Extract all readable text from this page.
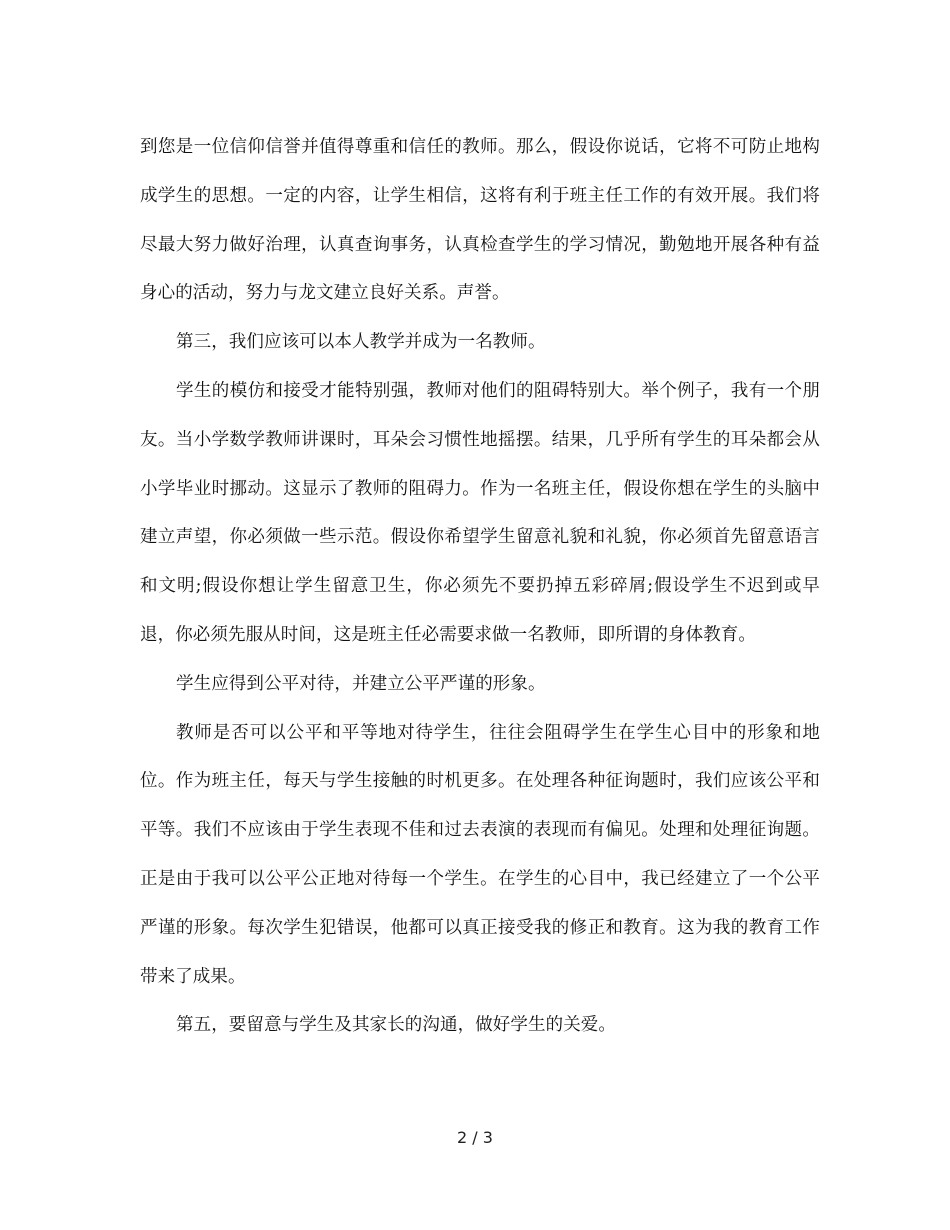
到您是一位信仰信誉并值得尊重和信任的教师。那么，假设你说话，它将不可防止地构成学生的思想。一定的内容，让学生相信，这将有利于班主任工作的有效开展。我们将尽最大努力做好治理，认真查询事务，认真检查学生的学习情况，勤勉地开展各种有益身心的活动，努力与龙文建立良好关系。声誉。

第三，我们应该可以本人教学并成为一名教师。

学生的模仿和接受才能特别强，教师对他们的阻碍特别大。举个例子，我有一个朋友。当小学数学教师讲课时，耳朵会习惯性地摇摆。结果，几乎所有学生的耳朵都会从小学毕业时挪动。这显示了教师的阻碍力。作为一名班主任，假设你想在学生的头脑中建立声望，你必须做一些示范。假设你希望学生留意礼貌和礼貌，你必须首先留意语言和文明;假设你想让学生留意卫生，你必须先不要扔掉五彩碎屑;假设学生不迟到或早退，你必须先服从时间，这是班主任必需要求做一名教师，即所谓的身体教育。

学生应得到公平对待，并建立公平严谨的形象。

教师是否可以公平和平等地对待学生，往往会阻碍学生在学生心目中的形象和地位。作为班主任，每天与学生接触的时机更多。在处理各种征询题时，我们应该公平和平等。我们不应该由于学生表现不佳和过去表演的表现而有偏见。处理和处理征询题。正是由于我可以公平公正地对待每一个学生。在学生的心目中，我已经建立了一个公平严谨的形象。每次学生犯错误，他都可以真正接受我的修正和教育。这为我的教育工作带来了成果。

第五，要留意与学生及其家长的沟通，做好学生的关爱。

2 / 3
